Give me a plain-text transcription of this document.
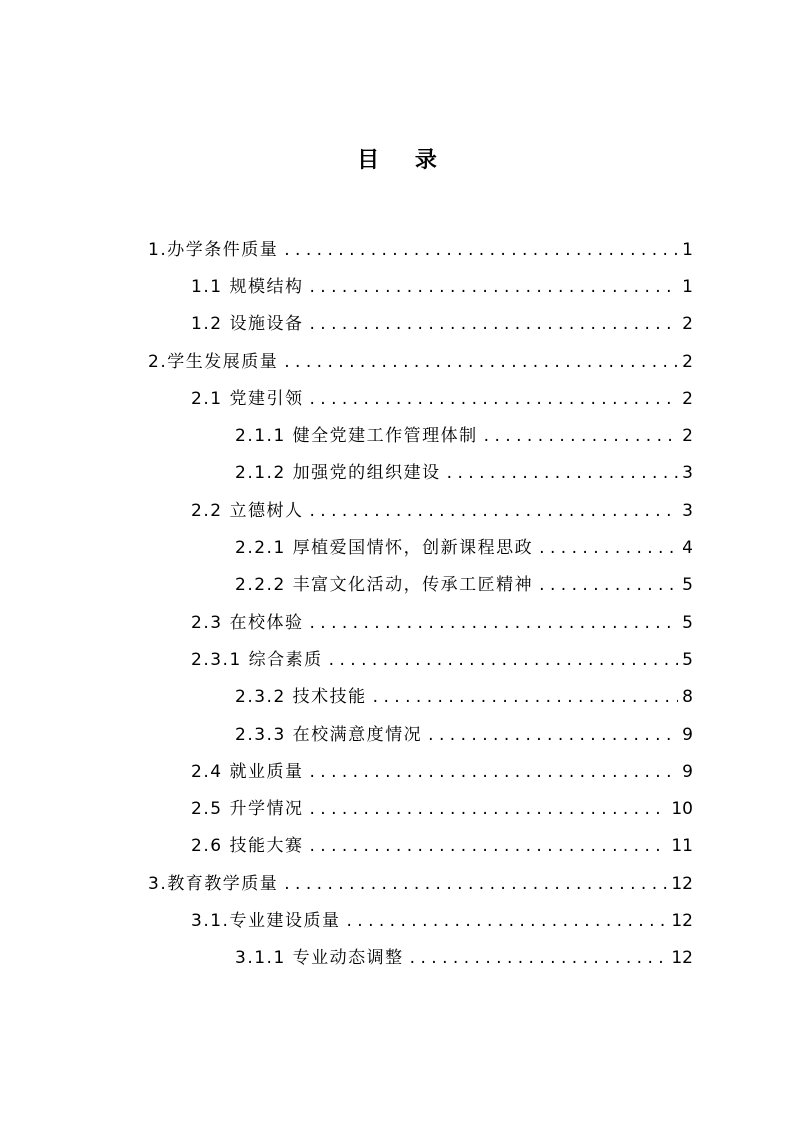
目 录
1.办学条件质量 . . .	1
1.1 规模结构 . . .	1
1.2 设施设备 . . .	2
2.学生发展质量 . . .	2
2.1 党建引领 . . .	2
2.1.1 健全党建工作管理体制 . . .	2
2.1.2 加强党的组织建设 . . .	3
2.2 立德树人 . . .	3
2.2.1 厚植爱国情怀，创新课程思政 . . .	4
2.2.2 丰富文化活动，传承工匠精神 . . .	5
2.3 在校体验 . . .	5
2.3.1 综合素质 . . .	5
2.3.2 技术技能 . . .	8
2.3.3 在校满意度情况 . . .	9
2.4 就业质量 . . .	9
2.5 升学情况 . . .	10
2.6 技能大赛 . . .	11
3.教育教学质量 . . .	12
3.1.专业建设质量 . . .	12
3.1.1 专业动态调整 . . .	12
